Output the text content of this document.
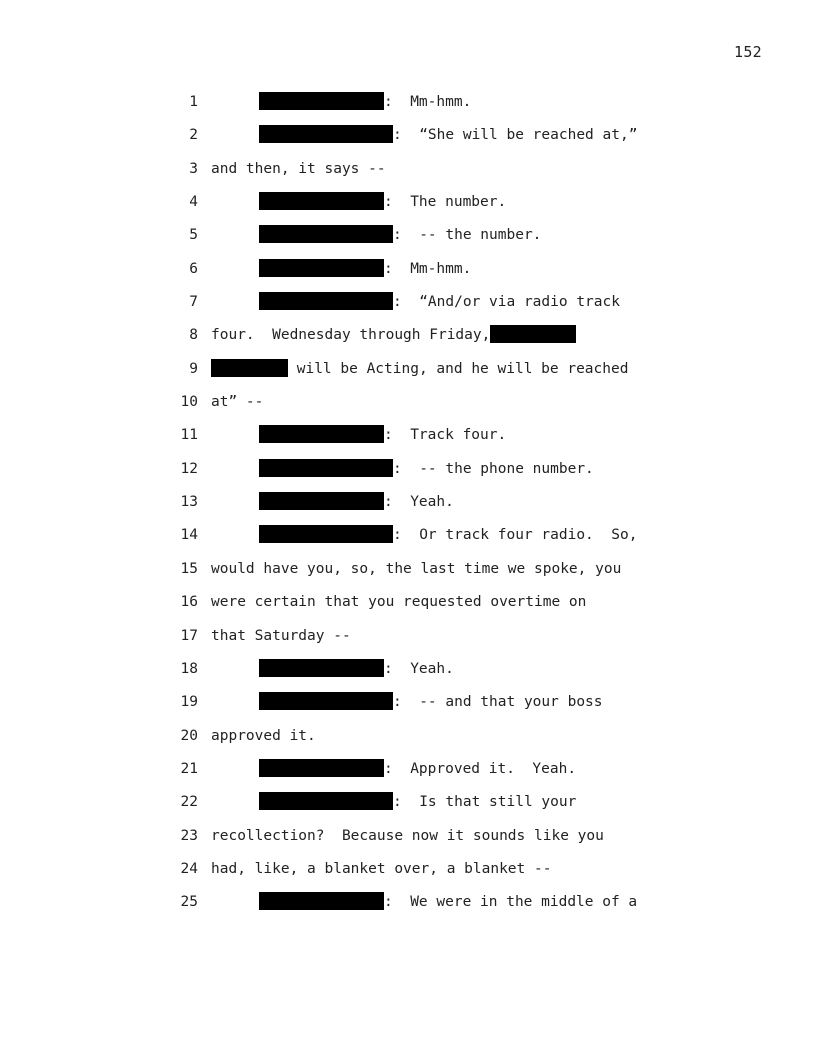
152
1	:  Mm-hmm.
2	:  “She will be reached at,”
3 and then, it says --
4	:  The number.
5	:  -- the number.
6	:  Mm-hmm.
7	:  “And/or via radio track
8 four.  Wednesday through Friday,
9	will be Acting, and he will be reached
10 at” --
11	:  Track four.
12	:  -- the phone number.
13	:  Yeah.
14	:  Or track four radio.  So,
15 would have you, so, the last time we spoke, you
16 were certain that you requested overtime on
17 that Saturday --
18	:  Yeah.
19	:  -- and that your boss
20 approved it.
21	:  Approved it.  Yeah.
22	:  Is that still your
23 recollection?  Because now it sounds like you
24 had, like, a blanket over, a blanket --
25	:  We were in the middle of a
